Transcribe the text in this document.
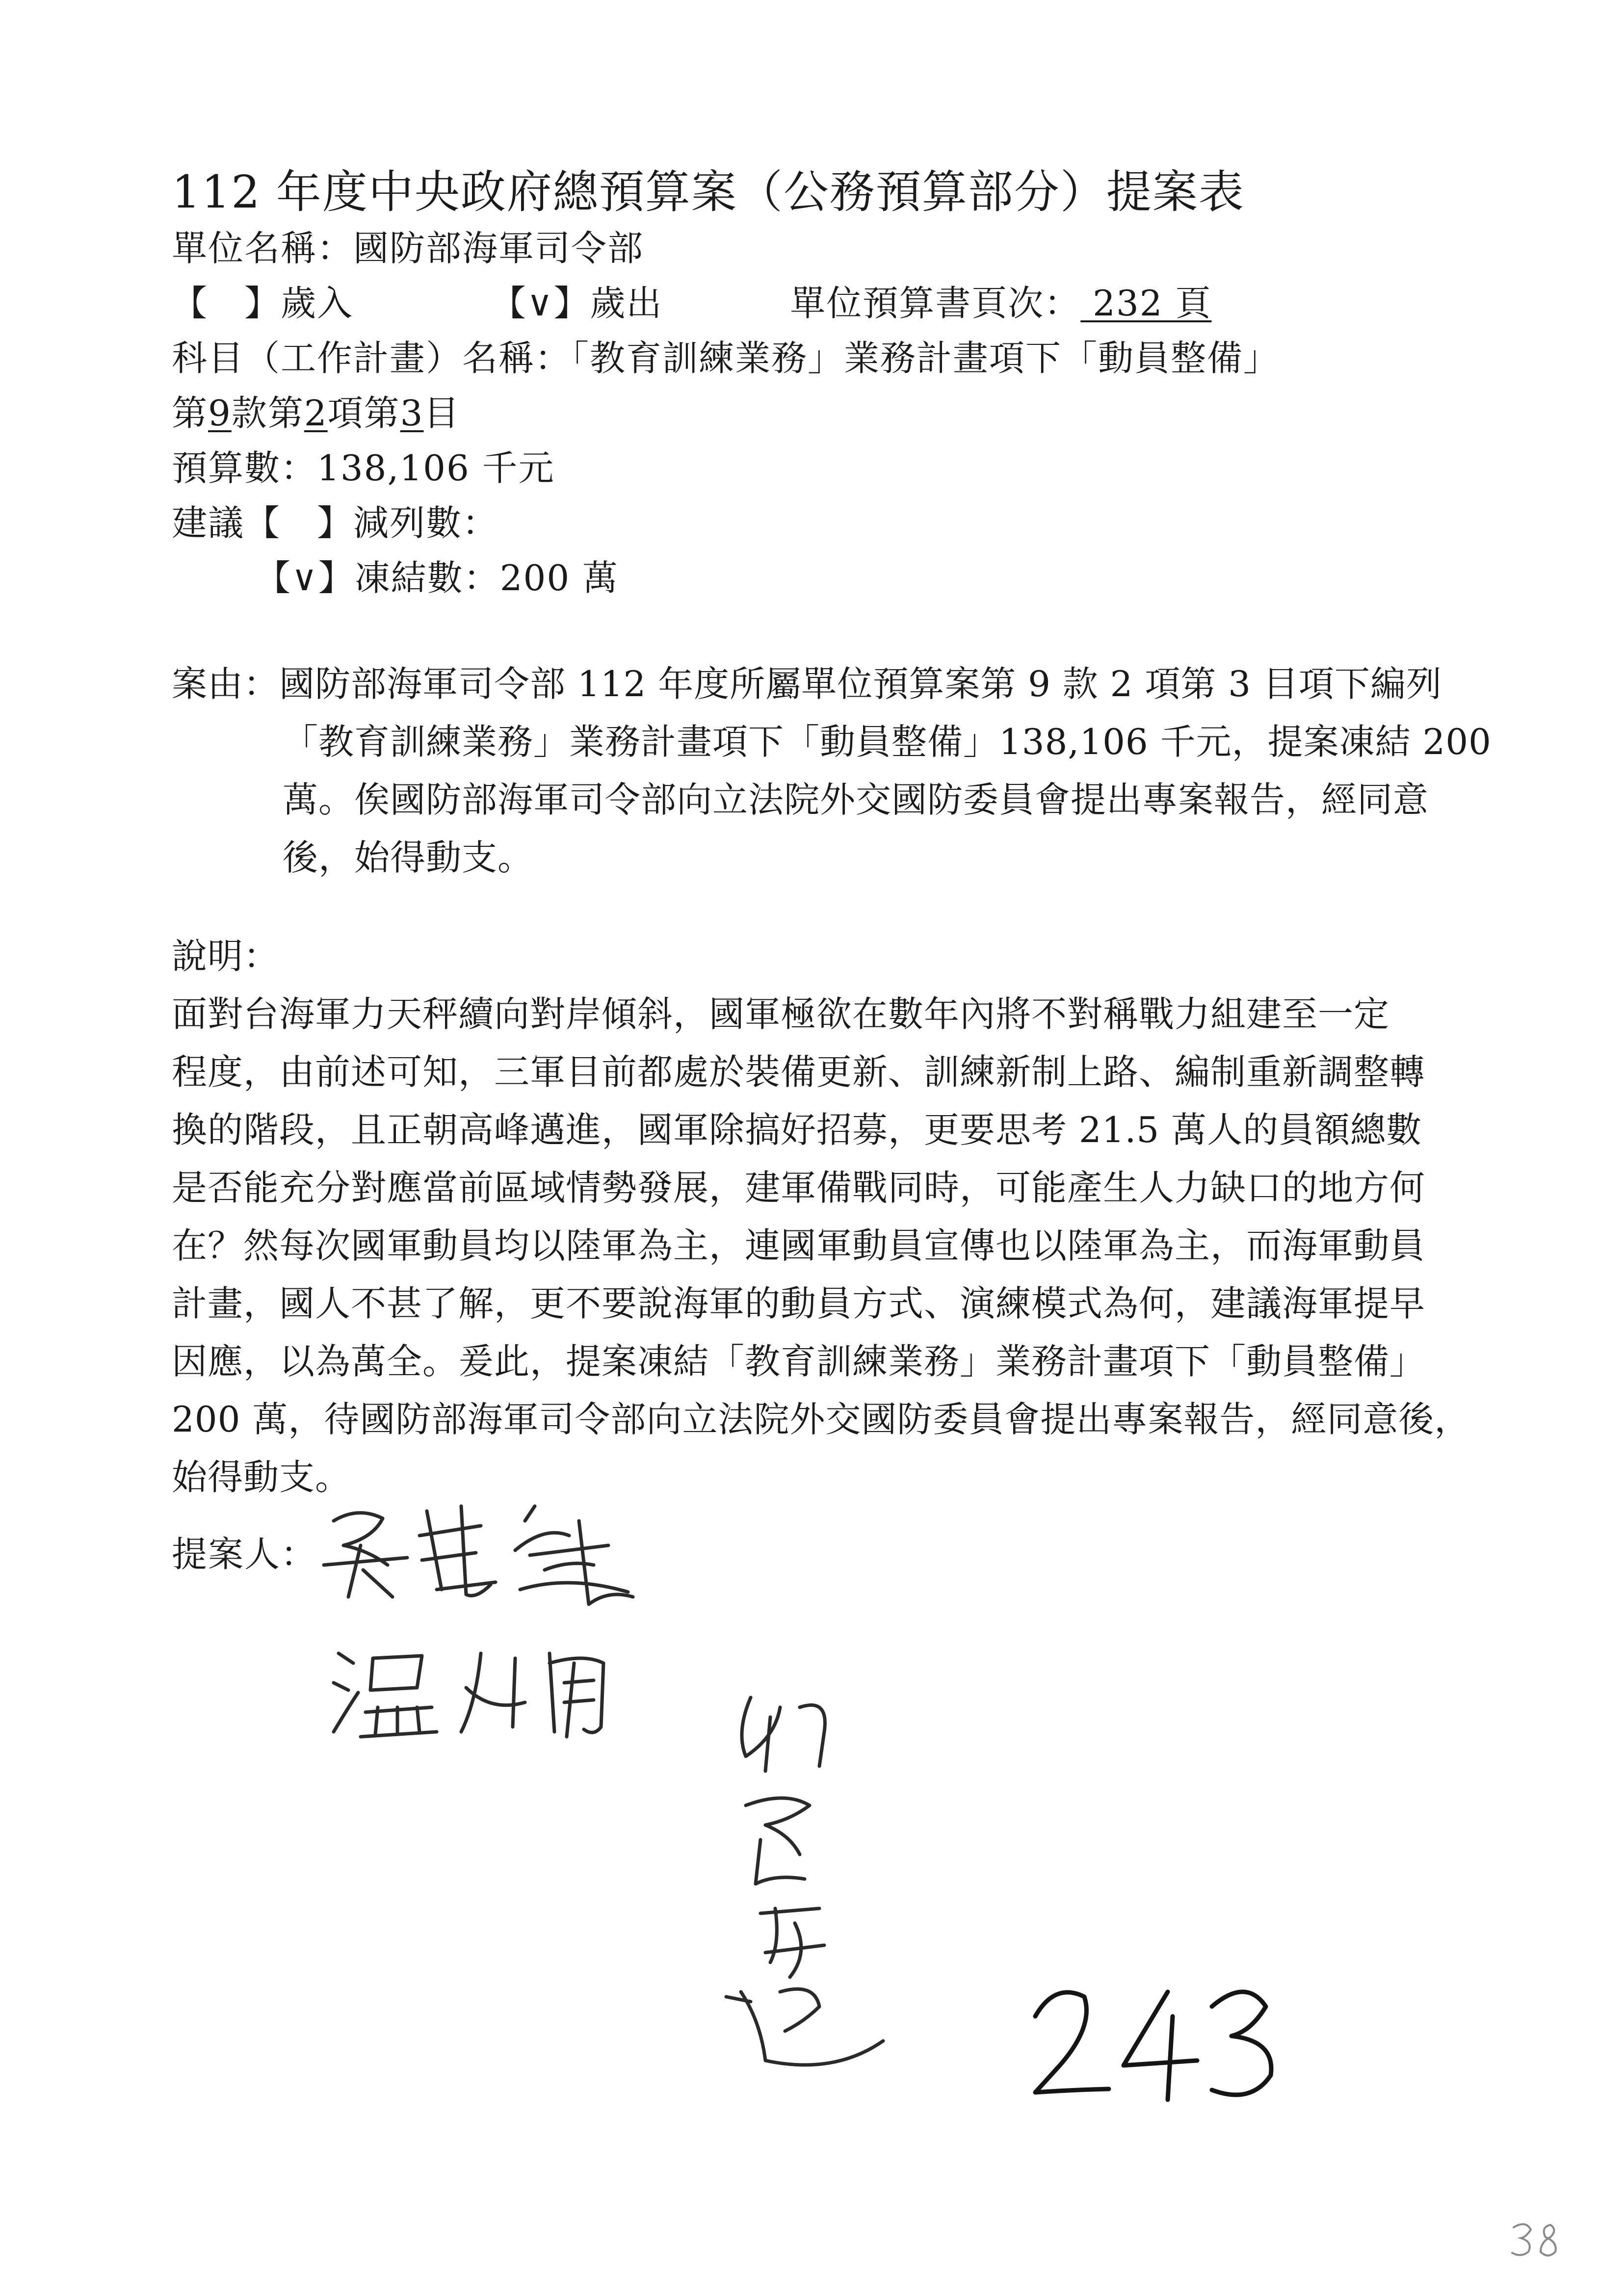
112 年度中央政府總預算案（公務預算部分）提案表
單位名稱：國防部海軍司令部
【　】歲入	【∨】歲出	單位預算書頁次： 232 頁
科目（工作計畫）名稱：「教育訓練業務」業務計畫項下「動員整備」
第9款第2項第3目
預算數：138,106 千元
建議【　】減列數：
【∨】凍結數：200 萬
案由：國防部海軍司令部 112 年度所屬單位預算案第 9 款 2 項第 3 目項下編列
「教育訓練業務」業務計畫項下「動員整備」138,106 千元，提案凍結 200
萬。俟國防部海軍司令部向立法院外交國防委員會提出專案報告，經同意
後，始得動支。
說明：
面對台海軍力天秤續向對岸傾斜，國軍極欲在數年內將不對稱戰力組建至一定
程度，由前述可知，三軍目前都處於裝備更新、訓練新制上路、編制重新調整轉
換的階段，且正朝高峰邁進，國軍除搞好招募，更要思考 21.5 萬人的員額總數
是否能充分對應當前區域情勢發展，建軍備戰同時，可能產生人力缺口的地方何
在？然每次國軍動員均以陸軍為主，連國軍動員宣傳也以陸軍為主，而海軍動員
計畫，國人不甚了解，更不要說海軍的動員方式、演練模式為何，建議海軍提早
因應，以為萬全。爰此，提案凍結「教育訓練業務」業務計畫項下「動員整備」
200 萬，待國防部海軍司令部向立法院外交國防委員會提出專案報告，經同意後，
始得動支。
提案人：
